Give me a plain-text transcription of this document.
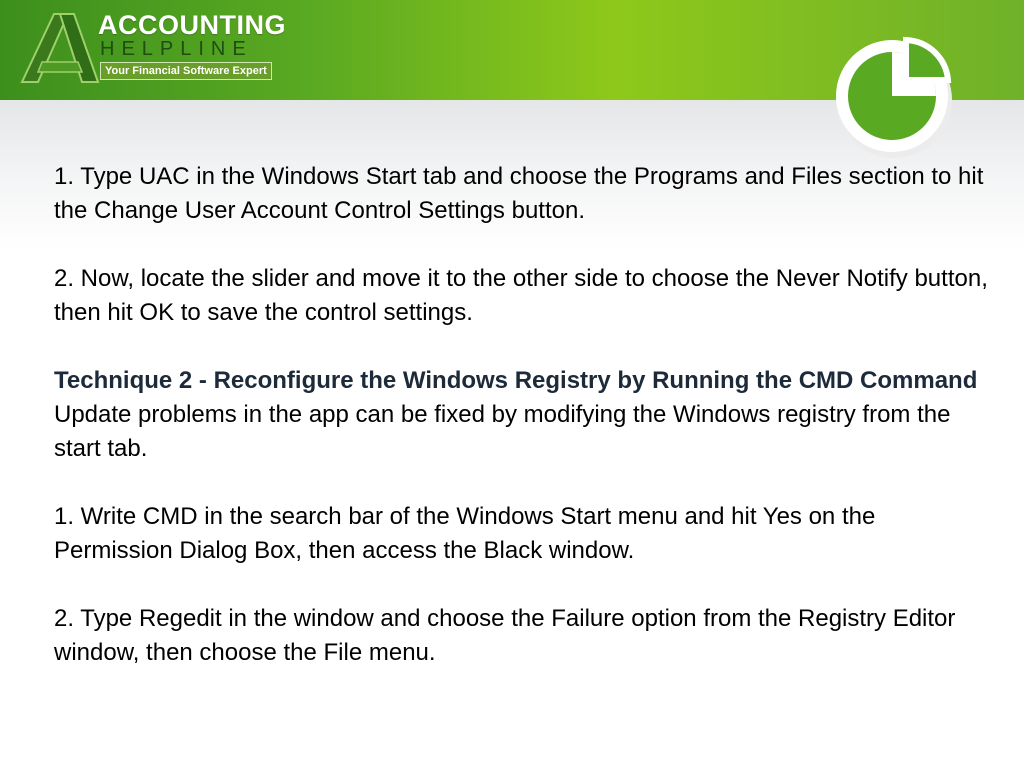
ACCOUNTING
HELPLINE
Your Financial Software Expert

1. Type UAC in the Windows Start tab and choose the Programs and Files section to hit the Change User Account Control Settings button.

2. Now, locate the slider and move it to the other side to choose the Never Notify button, then hit OK to save the control settings.

Technique 2 - Reconfigure the Windows Registry by Running the CMD Command

Update problems in the app can be fixed by modifying the Windows registry from the start tab.

1. Write CMD in the search bar of the Windows Start menu and hit Yes on the Permission Dialog Box, then access the Black window.

2. Type Regedit in the window and choose the Failure option from the Registry Editor window, then choose the File menu.
